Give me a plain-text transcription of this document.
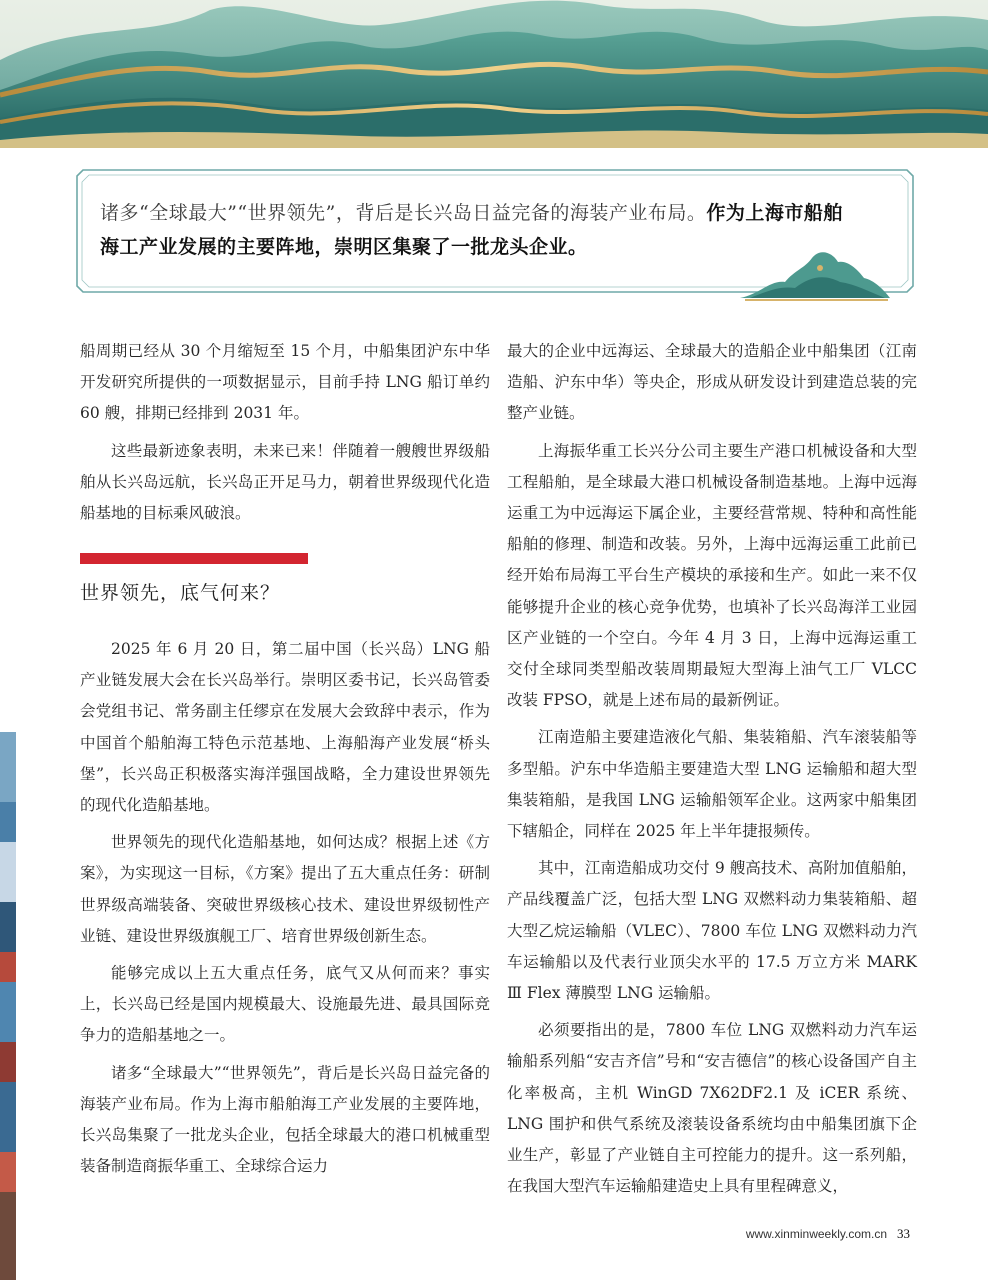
诸多“全球最大”“世界领先”，背后是长兴岛日益完备的海装产业布局。作为上海市船舶海工产业发展的主要阵地，崇明区集聚了一批龙头企业。

船周期已经从 30 个月缩短至 15 个月，中船集团沪东中华开发研究所提供的一项数据显示，目前手持 LNG 船订单约 60 艘，排期已经排到 2031 年。

这些最新迹象表明，未来已来！伴随着一艘艘世界级船舶从长兴岛远航，长兴岛正开足马力，朝着世界级现代化造船基地的目标乘风破浪。

世界领先，底气何来？

2025 年 6 月 20 日，第二届中国（长兴岛）LNG 船产业链发展大会在长兴岛举行。崇明区委书记，长兴岛管委会党组书记、常务副主任缪京在发展大会致辞中表示，作为中国首个船舶海工特色示范基地、上海船海产业发展“桥头堡”，长兴岛正积极落实海洋强国战略，全力建设世界领先的现代化造船基地。

世界领先的现代化造船基地，如何达成？根据上述《方案》，为实现这一目标，《方案》提出了五大重点任务：研制世界级高端装备、突破世界级核心技术、建设世界级韧性产业链、建设世界级旗舰工厂、培育世界级创新生态。

能够完成以上五大重点任务，底气又从何而来？事实上，长兴岛已经是国内规模最大、设施最先进、最具国际竞争力的造船基地之一。

诸多“全球最大”“世界领先”，背后是长兴岛日益完备的海装产业布局。作为上海市船舶海工产业发展的主要阵地，长兴岛集聚了一批龙头企业，包括全球最大的港口机械重型装备制造商振华重工、全球综合运力

最大的企业中远海运、全球最大的造船企业中船集团（江南造船、沪东中华）等央企，形成从研发设计到建造总装的完整产业链。

上海振华重工长兴分公司主要生产港口机械设备和大型工程船舶，是全球最大港口机械设备制造基地。上海中远海运重工为中远海运下属企业，主要经营常规、特种和高性能船舶的修理、制造和改装。另外，上海中远海运重工此前已经开始布局海工平台生产模块的承接和生产。如此一来不仅能够提升企业的核心竞争优势，也填补了长兴岛海洋工业园区产业链的一个空白。今年 4 月 3 日，上海中远海运重工交付全球同类型船改装周期最短大型海上油气工厂 VLCC 改装 FPSO，就是上述布局的最新例证。

江南造船主要建造液化气船、集装箱船、汽车滚装船等多型船。沪东中华造船主要建造大型 LNG 运输船和超大型集装箱船，是我国 LNG 运输船领军企业。这两家中船集团下辖船企，同样在 2025 年上半年捷报频传。

其中，江南造船成功交付 9 艘高技术、高附加值船舶，产品线覆盖广泛，包括大型 LNG 双燃料动力集装箱船、超大型乙烷运输船（VLEC）、7800 车位 LNG 双燃料动力汽车运输船以及代表行业顶尖水平的 17.5 万立方米 MARK Ⅲ Flex 薄膜型 LNG 运输船。

必须要指出的是，7800 车位 LNG 双燃料动力汽车运输船系列船“安吉齐信”号和“安吉德信”的核心设备国产自主化率极高，主机 WinGD 7X62DF2.1 及 iCER 系统、LNG 围护和供气系统及滚装设备系统均由中船集团旗下企业生产，彰显了产业链自主可控能力的提升。这一系列船，在我国大型汽车运输船建造史上具有里程碑意义，

www.xinminweekly.com.cn 33
